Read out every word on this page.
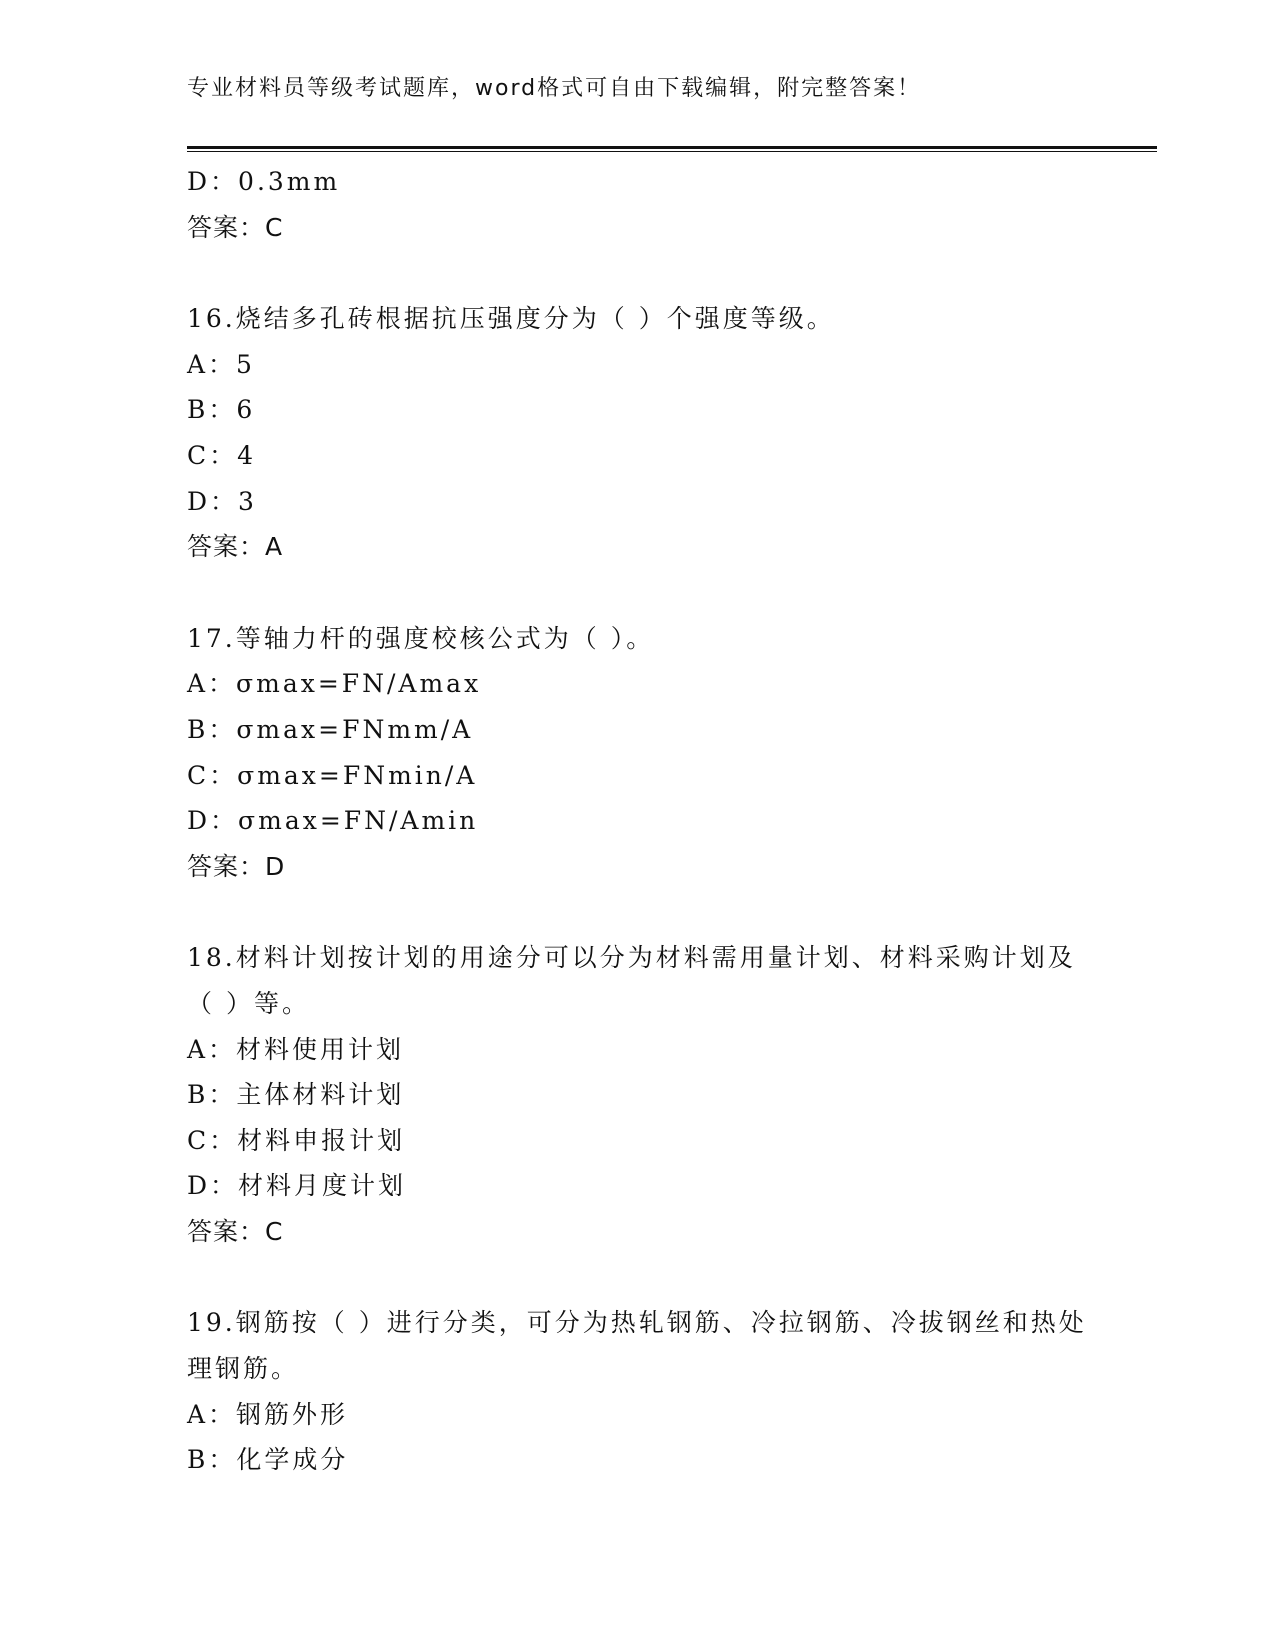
专业材料员等级考试题库，word格式可自由下载编辑，附完整答案！
D：0.3mm
答案：C
16.烧结多孔砖根据抗压强度分为（ ）个强度等级。
A：5
B：6
C：4
D：3
答案：A
17.等轴力杆的强度校核公式为（ ）。
A：σmax=FN/Amax
B：σmax=FNmm/A
C：σmax=FNmin/A
D：σmax=FN/Amin
答案：D
18.材料计划按计划的用途分可以分为材料需用量计划、材料采购计划及（ ）等。
A：材料使用计划
B：主体材料计划
C：材料申报计划
D：材料月度计划
答案：C
19.钢筋按（ ）进行分类，可分为热轧钢筋、冷拉钢筋、冷拔钢丝和热处理钢筋。
A：钢筋外形
B：化学成分
